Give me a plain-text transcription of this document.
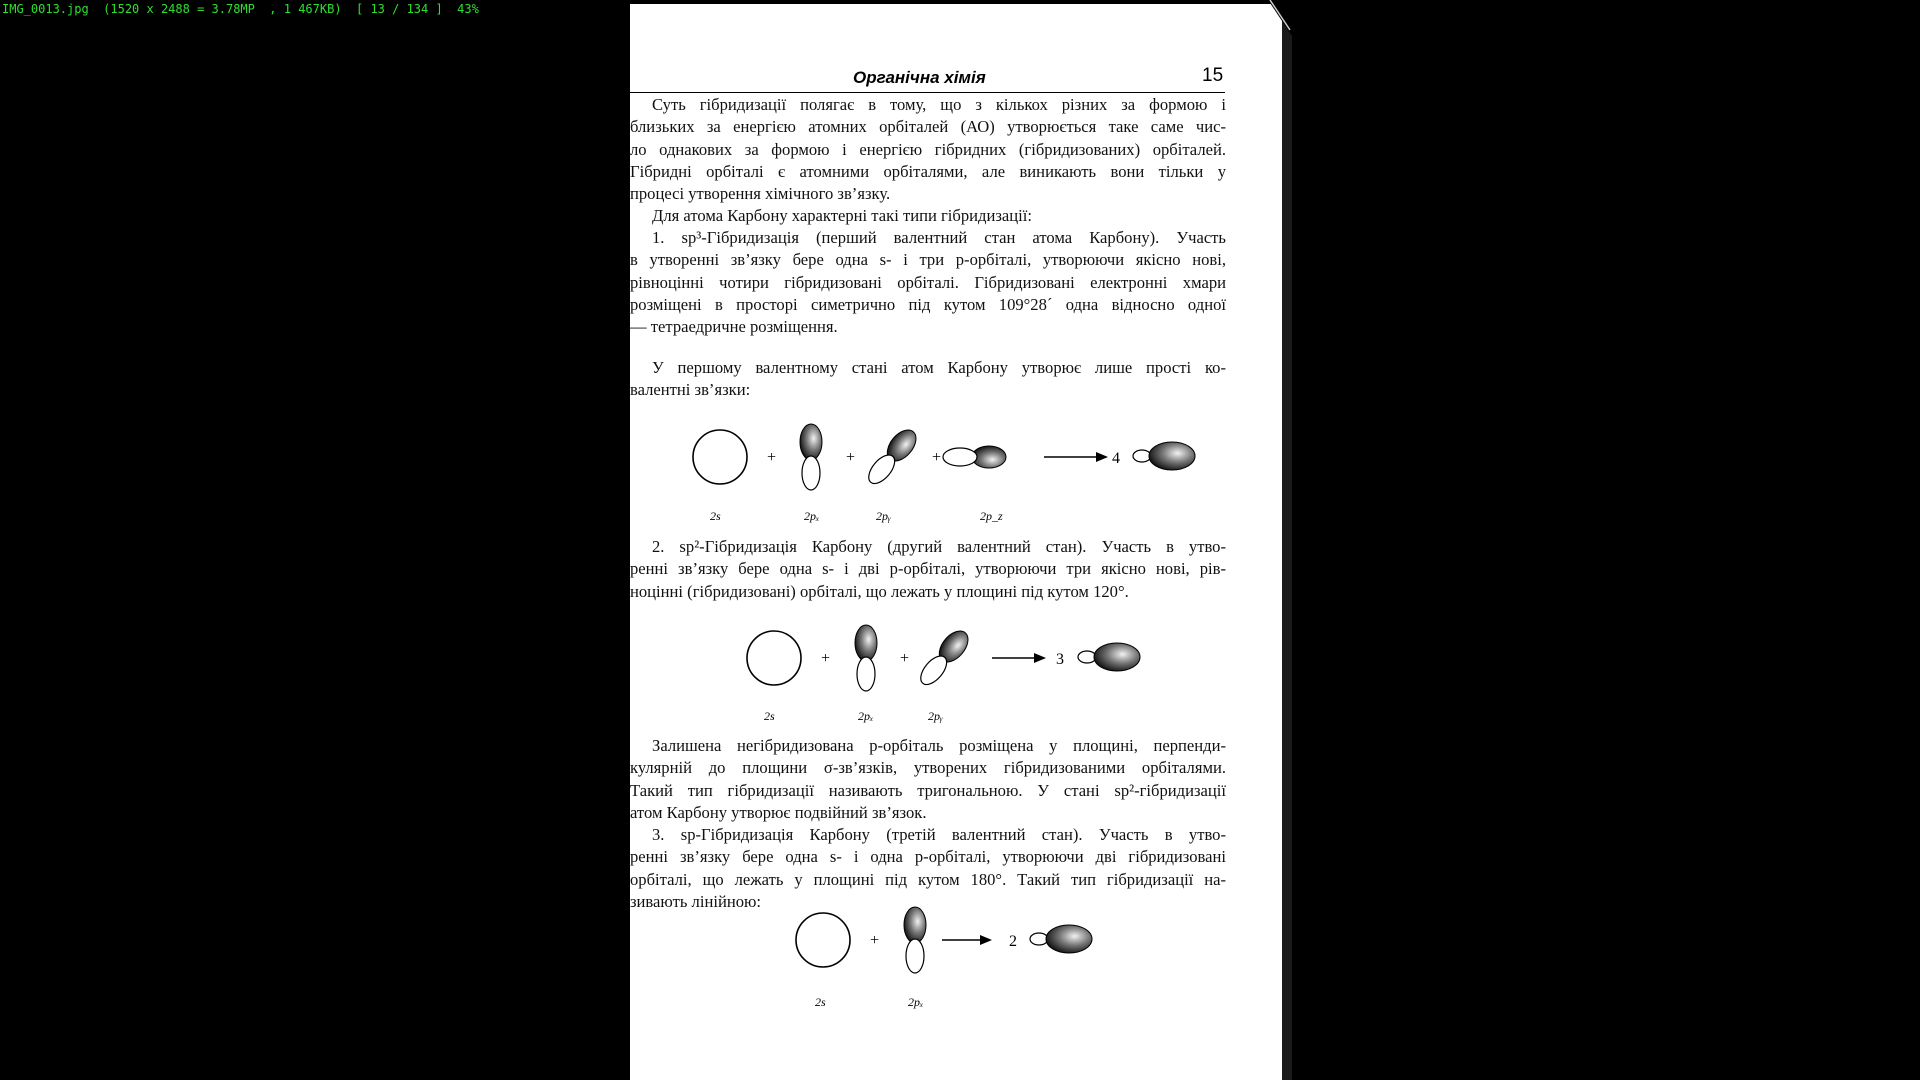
IMG_0013.jpg  (1520 x 2488 = 3.78MP  , 1 467KB)  [ 13 / 134 ]  43%
Органічна хімія	15
Суть гібридизації полягає в тому, що з кількох різних за формою і
близьких за енергією атомних орбіталей (АО) утворюється таке саме чис-
ло однакових за формою і енергією гібридних (гібридизованих) орбіталей.
Гібридні орбіталі є атомними орбіталями, але виникають вони тільки у
процесі утворення хімічного зв’язку.
Для атома Карбону характерні такі типи гібридизації:
1. sp³-Гібридизація (перший валентний стан атома Карбону). Участь
в утворенні зв’язку бере одна s- і три p-орбіталі, утворюючи якісно нові,
рівноцінні чотири гібридизовані орбіталі. Гібридизовані електронні хмари
розміщені в просторі симетрично під кутом 109°28´ одна відносно одної
— тетраедричне розміщення.
У першому валентному стані атом Карбону утворює лише прості ко-
валентні зв’язки:
+	+	+	4
2s	2pₓ	2pᵧ	2p_z
2. sp²-Гібридизація Карбону (другий валентний стан). Участь в утво-
ренні зв’язку бере одна s- і дві p-орбіталі, утворюючи три якісно нові, рів-
ноцінні (гібридизовані) орбіталі, що лежать у площині під кутом 120°.
+	+	3
2s	2pₓ	2pᵧ
Залишена негібридизована p-орбіталь розміщена у площині, перпенди-
кулярній до площини σ-зв’язків, утворених гібридизованими орбіталями.
Такий тип гібридизації називають тригональною. У стані sp²-гібридизації
атом Карбону утворює подвійний зв’язок.
3. sp-Гібридизація Карбону (третій валентний стан). Участь в утво-
ренні зв’язку бере одна s- і одна p-орбіталі, утворюючи дві гібридизовані
орбіталі, що лежать у площині під кутом 180°. Такий тип гібридизації на-
зивають лінійною:
+	2
2s	2pₓ
